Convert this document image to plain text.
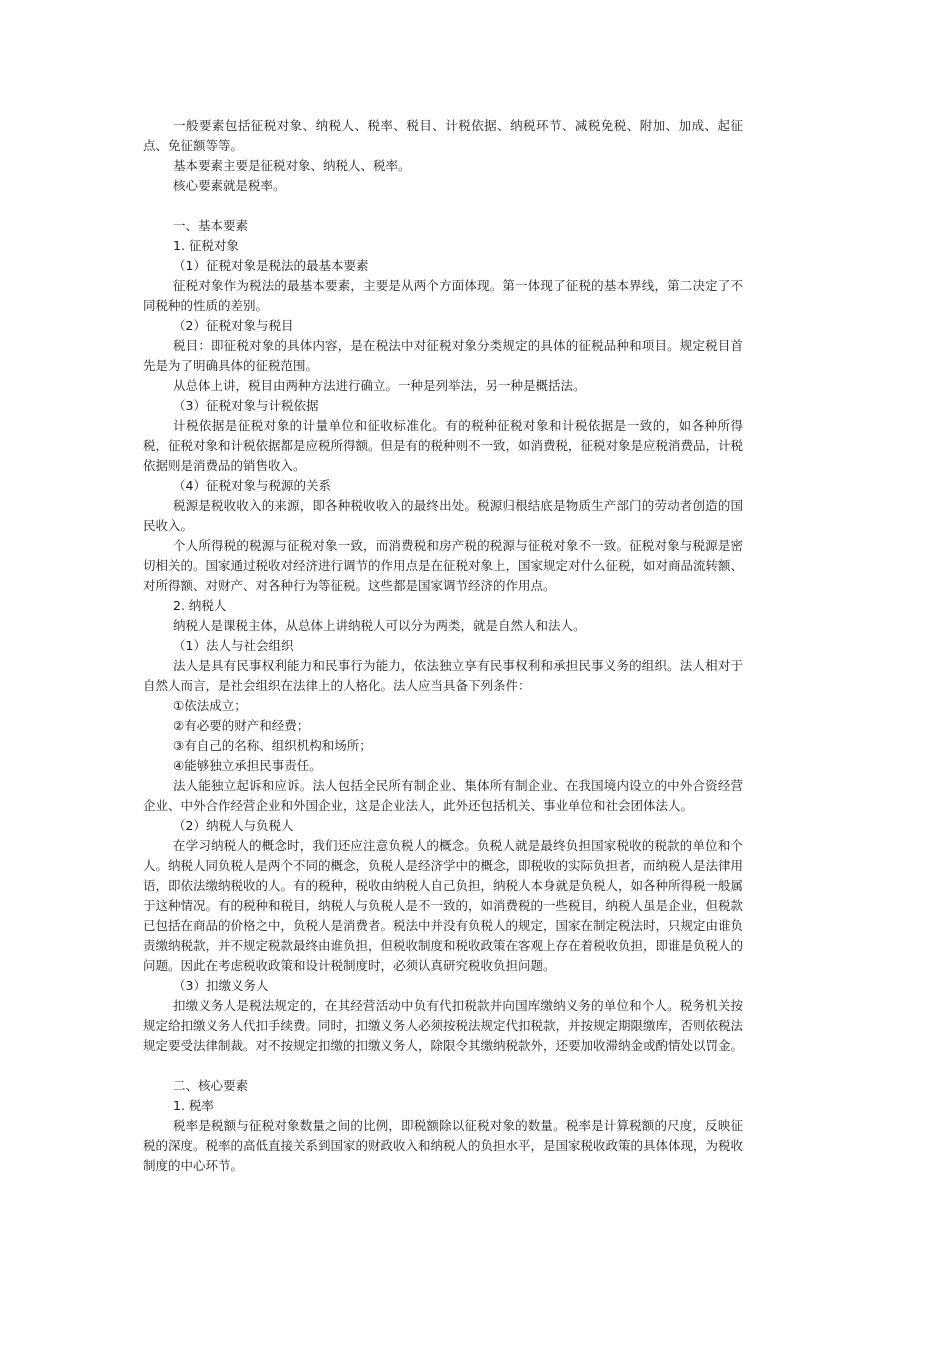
一般要素包括征税对象、纳税人、税率、税目、计税依据、纳税环节、减税免税、附加、加成、起征点、免征额等等。

基本要素主要是征税对象、纳税人、税率。

核心要素就是税率。

一、基本要素

1. 征税对象

（1）征税对象是税法的最基本要素

征税对象作为税法的最基本要素，主要是从两个方面体现。第一体现了征税的基本界线，第二决定了不同税种的性质的差别。

（2）征税对象与税目

税目：即征税对象的具体内容，是在税法中对征税对象分类规定的具体的征税品种和项目。规定税目首先是为了明确具体的征税范围。

从总体上讲，税目由两种方法进行确立。一种是列举法，另一种是概括法。

（3）征税对象与计税依据

计税依据是征税对象的计量单位和征收标准化。有的税种征税对象和计税依据是一致的，如各种所得税，征税对象和计税依据都是应税所得额。但是有的税种则不一致，如消费税，征税对象是应税消费品，计税依据则是消费品的销售收入。

（4）征税对象与税源的关系

税源是税收收入的来源，即各种税收收入的最终出处。税源归根结底是物质生产部门的劳动者创造的国民收入。

个人所得税的税源与征税对象一致，而消费税和房产税的税源与征税对象不一致。征税对象与税源是密切相关的。国家通过税收对经济进行调节的作用点是在征税对象上，国家规定对什么征税，如对商品流转额、对所得额、对财产、对各种行为等征税。这些都是国家调节经济的作用点。

2. 纳税人

纳税人是课税主体，从总体上讲纳税人可以分为两类，就是自然人和法人。

（1）法人与社会组织

法人是具有民事权利能力和民事行为能力，依法独立享有民事权利和承担民事义务的组织。法人相对于自然人而言，是社会组织在法律上的人格化。法人应当具备下列条件：

①依法成立；

②有必要的财产和经费；

③有自己的名称、组织机构和场所；

④能够独立承担民事责任。

法人能独立起诉和应诉。法人包括全民所有制企业、集体所有制企业、在我国境内设立的中外合资经营企业、中外合作经营企业和外国企业，这是企业法人，此外还包括机关、事业单位和社会团体法人。

（2）纳税人与负税人

在学习纳税人的概念时，我们还应注意负税人的概念。负税人就是最终负担国家税收的税款的单位和个人。纳税人同负税人是两个不同的概念，负税人是经济学中的概念，即税收的实际负担者，而纳税人是法律用语，即依法缴纳税收的人。有的税种，税收由纳税人自己负担，纳税人本身就是负税人，如各种所得税一般属于这种情况。有的税种和税目，纳税人与负税人是不一致的，如消费税的一些税目，纳税人虽是企业，但税款已包括在商品的价格之中，负税人是消费者。税法中并没有负税人的规定，国家在制定税法时，只规定由谁负责缴纳税款，并不规定税款最终由谁负担，但税收制度和税收政策在客观上存在着税收负担，即谁是负税人的问题。因此在考虑税收政策和设计税制度时，必须认真研究税收负担问题。

（3）扣缴义务人

扣缴义务人是税法规定的，在其经营活动中负有代扣税款并向国库缴纳义务的单位和个人。税务机关按规定给扣缴义务人代扣手续费。同时，扣缴义务人必须按税法规定代扣税款，并按规定期限缴库，否则依税法规定要受法律制裁。对不按规定扣缴的扣缴义务人，除限令其缴纳税款外，还要加收滞纳金或酌情处以罚金。

二、核心要素

1. 税率

税率是税额与征税对象数量之间的比例，即税额除以征税对象的数量。税率是计算税额的尺度，反映征税的深度。税率的高低直接关系到国家的财政收入和纳税人的负担水平，是国家税收政策的具体体现，为税收制度的中心环节。
